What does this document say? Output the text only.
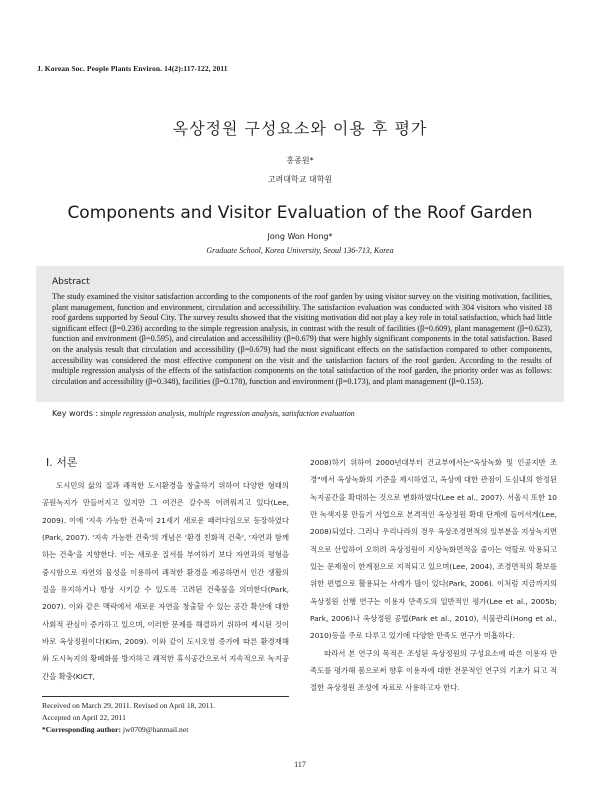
J. Korean Soc. People Plants Environ. 14(2):117-122, 2011
옥상정원 구성요소와 이용 후 평가
홍종원*
고려대학교 대학원
Components and Visitor Evaluation of the Roof Garden
Jong Won Hong*
Graduate School, Korea University, Seoul 136-713, Korea
Abstract
The study examined the visitor satisfaction according to the components of the roof garden by using visitor survey on the visiting motivation, facilities, plant management, function and environment, circulation and accessibility. The satisfaction evaluation was conducted with 304 visitors who visited 18 roof gardens supported by Seoul City. The survey results showed that the visiting motivation did not play a key role in total satisfaction, which had little significant effect (β=0.236) according to the simple regression analysis, in contrast with the result of facilities (β=0.609), plant management (β=0.623), function and environment (β=0.595), and circulation and accessibility (β=0.679) that were highly significant components in the total satisfaction. Based on the analysis result that circulation and accessibility (β=0.679) had the most significant effects on the satisfaction compared to other components, accessibility was considered the most effective component on the visit and the satisfaction factors of the roof garden. According to the results of multiple regression analysis of the effects of the satisfaction components on the total satisfaction of the roof garden, the priority order was as follows: circulation and accessibility (β=0.348), facilities (β=0.178), function and environment (β=0.173), and plant management (β=0.153).
Key words : simple regression analysis, multiple regression analysis, satisfaction evaluation
I. 서론
도시민의 삶의 질과 쾌적한 도시환경을 창출하기 위하여 다양한 형태의 공원녹지가 만들어지고 있지만 그 여건은 갈수록 어려워지고 있다(Lee, 2009). 이에 '지속 가능한 건축'이 21세기 새로운 패러다임으로 등장하였다(Park, 2007). '지속 가능한 건축'의 개념은 '환경 친화적 건축', '자연과 함께 하는 건축'을 지향한다. 이는 새로운 질서를 부여하기 보다 자연과의 평형을 중시함으로 자연의 물성을 이용하여 쾌적한 환경을 제공하면서 인간 생활의 질을 유지하거나 항상 시키갈 수 있도록 고려된 건축물을 의미한다(Park, 2007). 이와 같은 맥락에서 새로운 자연을 창출할 수 있는 공간 확산에 대한 사회적 관심이 증가하고 있으며, 이러한 문제를 해결하기 위하여 제시된 것이 바로 옥상정원이다(Kim, 2009). 이와 같이 도시오염 증가에 따른 환경재해와 도시녹지의 황폐화를 방지하고 쾌적한 휴식공간으로서 지속적으로 녹지공간을 확충(KICT,

2008)하기 위하여 2000년대부터 건교부에서는"옥상녹화 및 인공지반 조경"에서 옥상녹화의 기준을 제시하였고, 옥상에 대한 관점이 도심내의 한정된 녹지공간을 확대하는 것으로 변화하였다(Lee et al., 2007). 서울시 또한 10만 녹색지붕 만들기 사업으로 본격적인 옥상정원 확대 단계에 들어서게(Lee, 2008)되었다. 그러나 우리나라의 경우 옥상조경면적의 일부분을 지상녹지면적으로 산입하여 오히려 옥상정원이 지상녹화면적을 줄이는 역할로 악용되고 있는 문제점이 한계점으로 지적되고 있으며(Lee, 2004), 조경면적의 확보를 위한 편법으로 활용되는 사례가 많이 있다(Park, 2006). 이처럼 지금까지의 옥상정원 선행 연구는 이용자 만족도의 일반적인 평가(Lee et al., 2005b; Park, 2006)나 옥상정원 공법(Park et al., 2010), 식물관리(Hong et al., 2010)등을 주로 다루고 있기에 다양한 만족도 연구가 미흡하다.

따라서 본 연구의 목적은 조성된 옥상정원의 구성요소에 따른 이용자 만족도를 평가해 봄으로써 향후 이용자에 대한 전문적인 연구의 기초가 되고 적절한 옥상정원 조성에 자료로 사용하고자 한다.

Received on March 29, 2011. Revised on April 18, 2011.
Accepted on April 22, 2011
*Corresponding author: jw0709@hanmail.net
117
